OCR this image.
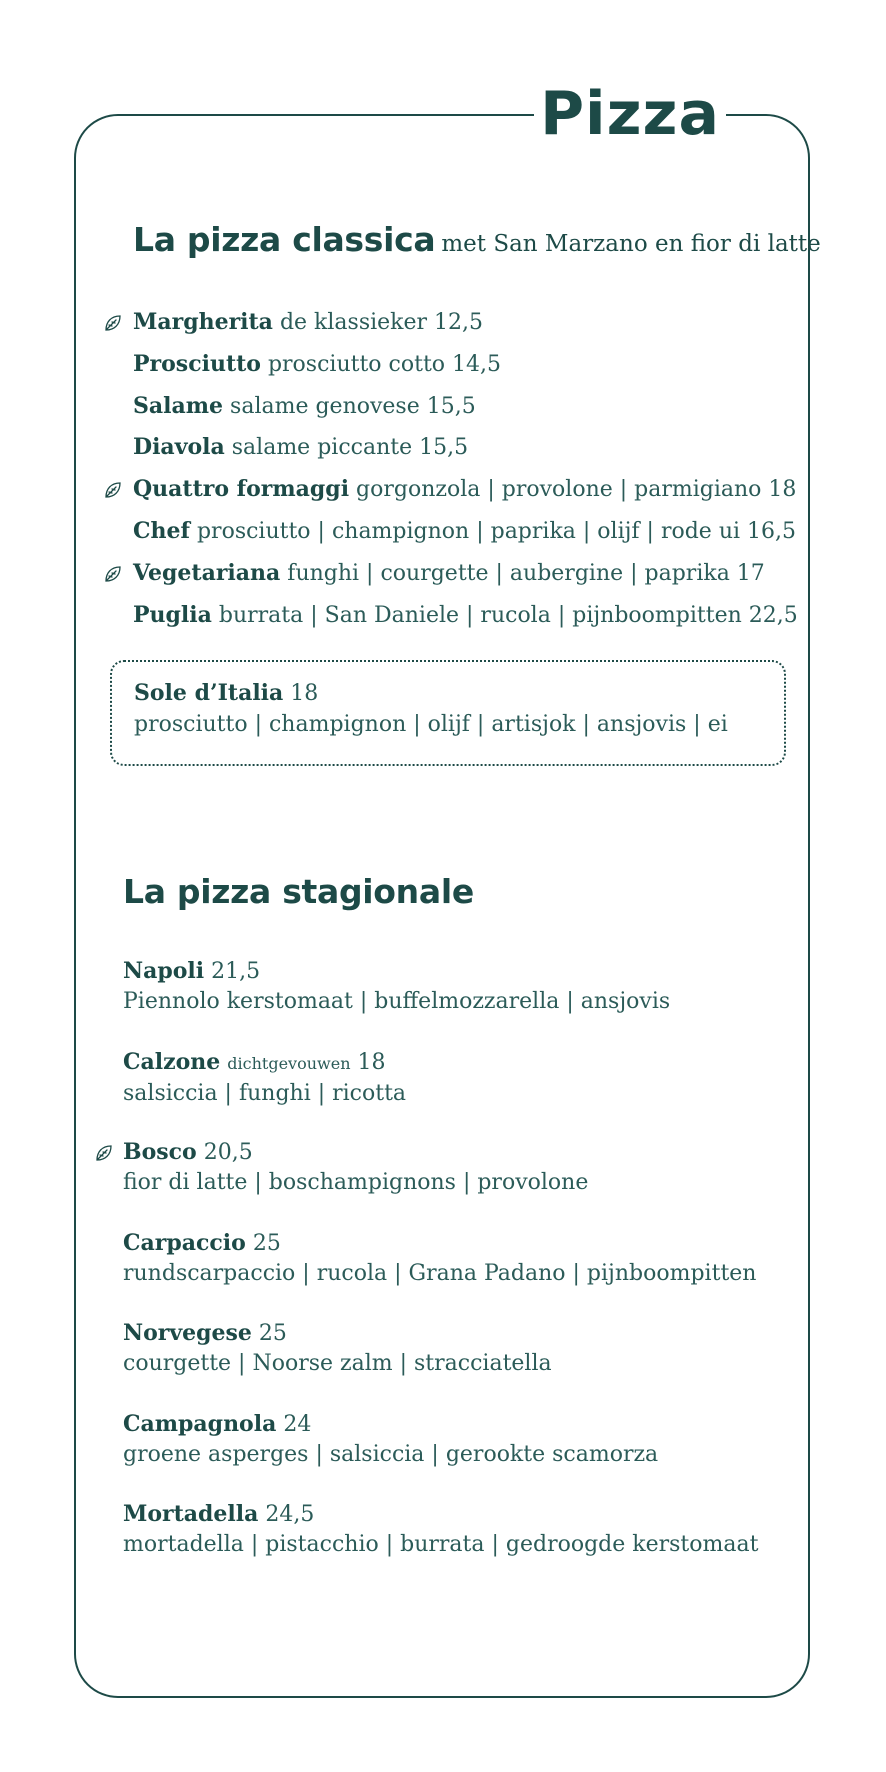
Pizza
La pizza classica met San Marzano en fior di latte
Margherita de klassieker 12,5
Prosciutto prosciutto cotto 14,5
Salame salame genovese 15,5
Diavola salame piccante 15,5
Quattro formaggi gorgonzola | provolone | parmigiano 18
Chef prosciutto | champignon | paprika | olijf | rode ui 16,5
Vegetariana funghi | courgette | aubergine | paprika 17
Puglia burrata | San Daniele | rucola | pijnboompitten 22,5
Sole d’Italia 18
prosciutto | champignon | olijf | artisjok | ansjovis | ei
La pizza stagionale
Napoli 21,5
Piennolo kerstomaat | buffelmozzarella | ansjovis
Calzone dichtgevouwen 18
salsiccia | funghi | ricotta
Bosco 20,5
fior di latte | boschampignons | provolone
Carpaccio 25
rundscarpaccio | rucola | Grana Padano | pijnboompitten
Norvegese 25
courgette | Noorse zalm | stracciatella
Campagnola 24
groene asperges | salsiccia | gerookte scamorza
Mortadella 24,5
mortadella | pistacchio | burrata | gedroogde kerstomaat
